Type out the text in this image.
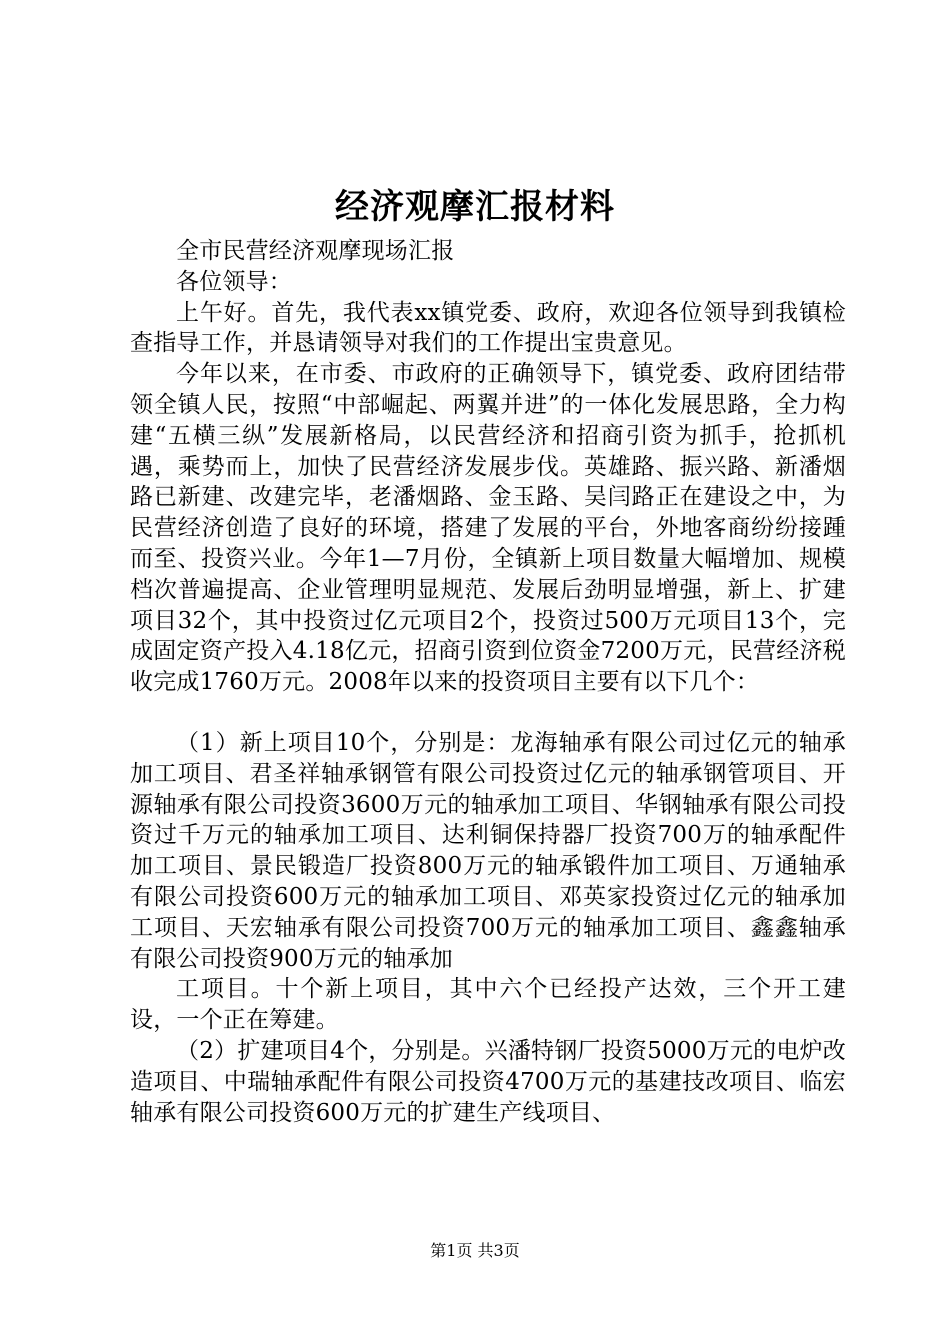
经济观摩汇报材料

全市民营经济观摩现场汇报

各位领导：

上午好。首先，我代表xx镇党委、政府，欢迎各位领导到我镇检查指导工作，并恳请领导对我们的工作提出宝贵意见。

今年以来，在市委、市政府的正确领导下，镇党委、政府团结带领全镇人民，按照“中部崛起、两翼并进”的一体化发展思路，全力构建“五横三纵”发展新格局，以民营经济和招商引资为抓手，抢抓机遇，乘势而上，加快了民营经济发展步伐。英雄路、振兴路、新潘烟路已新建、改建完毕，老潘烟路、金玉路、吴闫路正在建设之中，为民营经济创造了良好的环境，搭建了发展的平台，外地客商纷纷接踵而至、投资兴业。今年1—7月份，全镇新上项目数量大幅增加、规模档次普遍提高、企业管理明显规范、发展后劲明显增强，新上、扩建项目32个，其中投资过亿元项目2个，投资过500万元项目13个，完成固定资产投入4.18亿元，招商引资到位资金7200万元，民营经济税收完成1760万元。2008年以来的投资项目主要有以下几个：

（1）新上项目10个，分别是：龙海轴承有限公司过亿元的轴承加工项目、君圣祥轴承钢管有限公司投资过亿元的轴承钢管项目、开源轴承有限公司投资3600万元的轴承加工项目、华钢轴承有限公司投资过千万元的轴承加工项目、达利铜保持器厂投资700万的轴承配件加工项目、景民锻造厂投资800万元的轴承锻件加工项目、万通轴承有限公司投资600万元的轴承加工项目、邓英家投资过亿元的轴承加工项目、天宏轴承有限公司投资700万元的轴承加工项目、鑫鑫轴承有限公司投资900万元的轴承加

工项目。十个新上项目，其中六个已经投产达效，三个开工建设，一个正在筹建。

（2）扩建项目4个，分别是。兴潘特钢厂投资5000万元的电炉改造项目、中瑞轴承配件有限公司投资4700万元的基建技改项目、临宏轴承有限公司投资600万元的扩建生产线项目、

第1页 共3页
